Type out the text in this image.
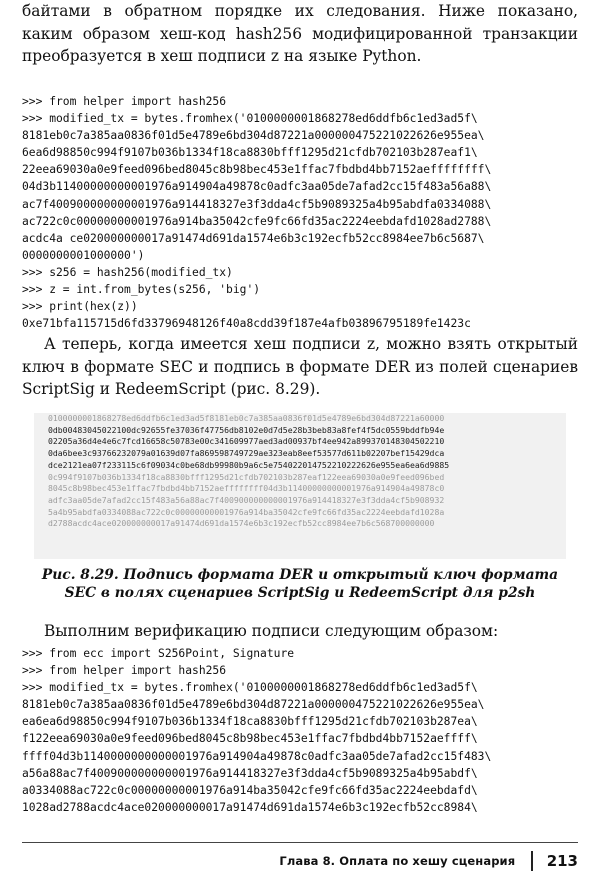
байтами в обратном порядке их следования. Ниже показано, каким образом хеш-код hash256 модифицированной транзакции преобразуется в хеш подписи z на языке Python.

>>> from helper import hash256
>>> modified_tx = bytes.fromhex('0100000001868278ed6ddfb6c1ed3ad5f\
8181eb0c7a385aa0836f01d5e4789e6bd304d87221a000000475221022626e955ea\
6ea6d98850c994f9107b036b1334f18ca8830bfff1295d21cfdb702103b287eaf1\
22eea69030a0e9feed096bed8045c8b98bec453e1ffac7fbdbd4bb7152aeffffffff\
04d3b11400000000001976a914904a49878c0adfc3aa05de7afad2cc15f483a56a88\
ac7f400900000000001976a914418327e3f3dda4cf5b9089325a4b95abdfa0334088\
ac722c0c00000000001976a914ba35042cfe9fc66fd35ac2224eebdafd1028ad2788\
acdc4a ce020000000017a91474d691da1574e6b3c192ecfb52cc8984ee7b6c5687\
0000000001000000')
>>> s256 = hash256(modified_tx)
>>> z = int.from_bytes(s256, 'big')
>>> print(hex(z))
0xe71bfa115715d6fd33796948126f40a8cdd39f187e4afb03896795189fe1423c

А теперь, когда имеется хеш подписи z, можно взять открытый ключ в формате SEC и подпись в формате DER из полей сценариев ScriptSig и RedeemScript (рис. 8.29).

0100000001868278ed6ddfb6c1ed3ad5f8181eb0c7a385aa0836f01d5e4789e6bd304d87221a60000
0db00483045022100dc92655fe37036f47756db8102e0d7d5e28b3beb83a8fef4f5dc0559bddfb94e
02205a36d4e4e6c7fcd16658c50783e00c341609977aed3ad00937bf4ee942a899370148304502210
0da6bee3c93766232079a01639d07fa869598749729ae323eab8eef53577d611b02207bef15429dca
dce2121ea07f233115c6f09034c0be68db99980b9a6c5e754022014752210222626e955ea6ea6d9885
0c994f9107b036b1334f18ca8830bfff1295d21cfdb702103b287eaf122eea69030a0e9feed096bed
8045c8b98bec453e1ffac7fbdbd4bb7152aeffffffff04d3b11400000000001976a914904a49878c0
adfc3aa05de7afad2cc15f483a56a88ac7f400900000000001976a914418327e3f3dda4cf5b908932
5a4b95abdfa0334088ac722c0c00000000001976a914ba35042cfe9fc66fd35ac2224eebdafd1028a
d2788acdc4ace020000000017a91474d691da1574e6b3c192ecfb52cc8984ee7b6c568700000000

Рис. 8.29. Подпись формата DER и открытый ключ формата SEC в полях сценариев ScriptSig и RedeemScript для p2sh

Выполним верификацию подписи следующим образом:

>>> from ecc import S256Point, Signature
>>> from helper import hash256
>>> modified_tx = bytes.fromhex('0100000001868278ed6ddfb6c1ed3ad5f\
8181eb0c7a385aa0836f01d5e4789e6bd304d87221a000000475221022626e955ea\
ea6ea6d98850c994f9107b036b1334f18ca8830bfff1295d21cfdb702103b287ea\
f122eea69030a0e9feed096bed8045c8b98bec453e1ffac7fbdbd4bb7152aeffff\
ffff04d3b1140000000000001976a914904a49878c0adfc3aa05de7afad2cc15f483\
a56a88ac7f400900000000001976a914418327e3f3dda4cf5b9089325a4b95abdf\
a0334088ac722c0c00000000001976a914ba35042cfe9fc66fd35ac2224eebdafd\
1028ad2788acdc4ace020000000017a91474d691da1574e6b3c192ecfb52cc8984\
Глава 8. Оплата по хешу сценария 213
